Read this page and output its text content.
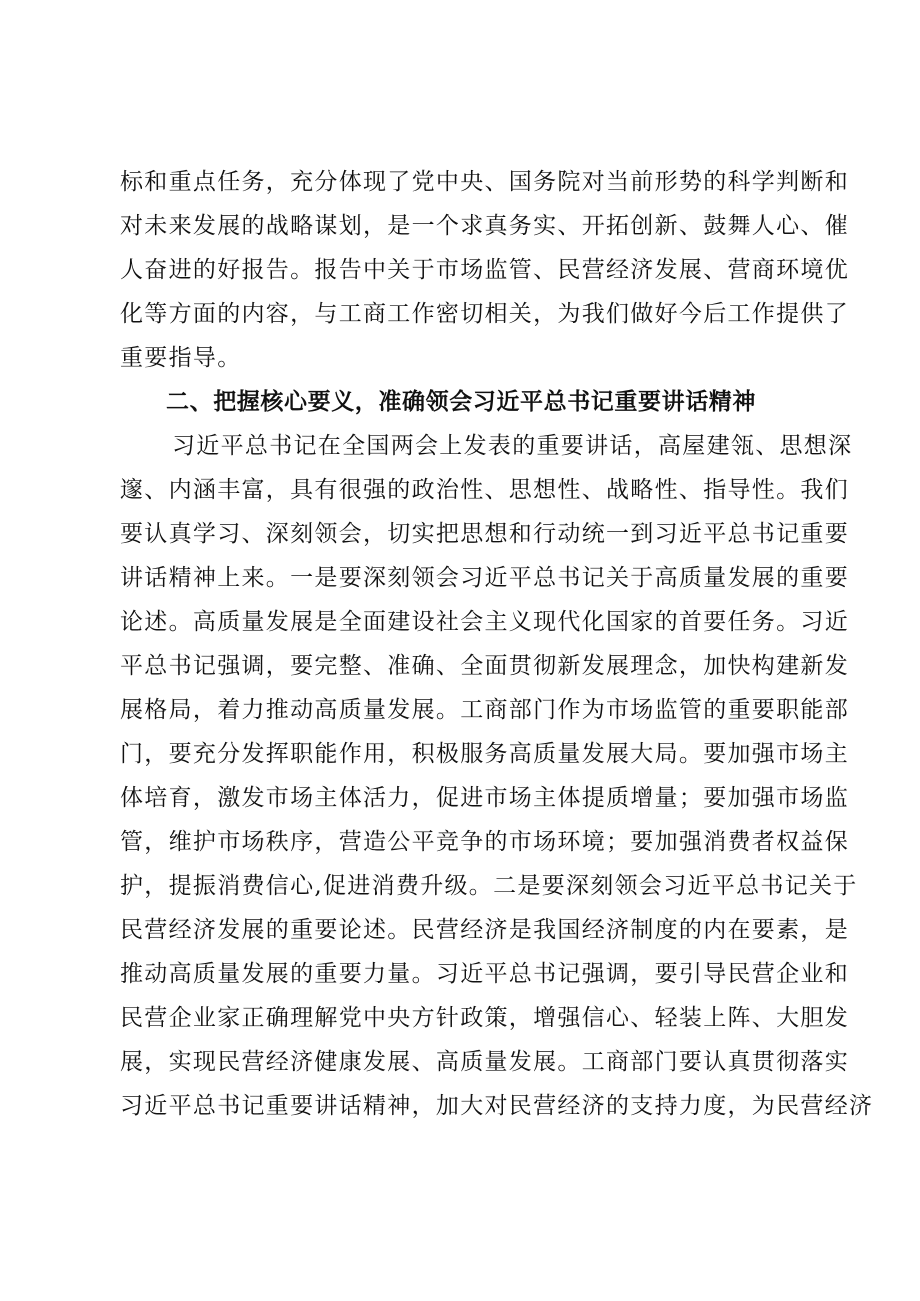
标和重点任务，充分体现了党中央、国务院对当前形势的科学判断和
对未来发展的战略谋划，是一个求真务实、开拓创新、鼓舞人心、催
人奋进的好报告。报告中关于市场监管、民营经济发展、营商环境优
化等方面的内容，与工商工作密切相关，为我们做好今后工作提供了
重要指导。
二、把握核心要义，准确领会习近平总书记重要讲话精神
习近平总书记在全国两会上发表的重要讲话，高屋建瓴、思想深
邃、内涵丰富，具有很强的政治性、思想性、战略性、指导性。我们
要认真学习、深刻领会，切实把思想和行动统一到习近平总书记重要
讲话精神上来。一是要深刻领会习近平总书记关于高质量发展的重要
论述。高质量发展是全面建设社会主义现代化国家的首要任务。习近
平总书记强调，要完整、准确、全面贯彻新发展理念，加快构建新发
展格局，着力推动高质量发展。工商部门作为市场监管的重要职能部
门，要充分发挥职能作用，积极服务高质量发展大局。要加强市场主
体培育，激发市场主体活力，促进市场主体提质增量；要加强市场监
管，维护市场秩序，营造公平竞争的市场环境；要加强消费者权益保
护，提振消费信心,促进消费升级。二是要深刻领会习近平总书记关于
民营经济发展的重要论述。民营经济是我国经济制度的内在要素，是
推动高质量发展的重要力量。习近平总书记强调，要引导民营企业和
民营企业家正确理解党中央方针政策，增强信心、轻装上阵、大胆发
展，实现民营经济健康发展、高质量发展。工商部门要认真贯彻落实
习近平总书记重要讲话精神，加大对民营经济的支持力度，为民营经济
